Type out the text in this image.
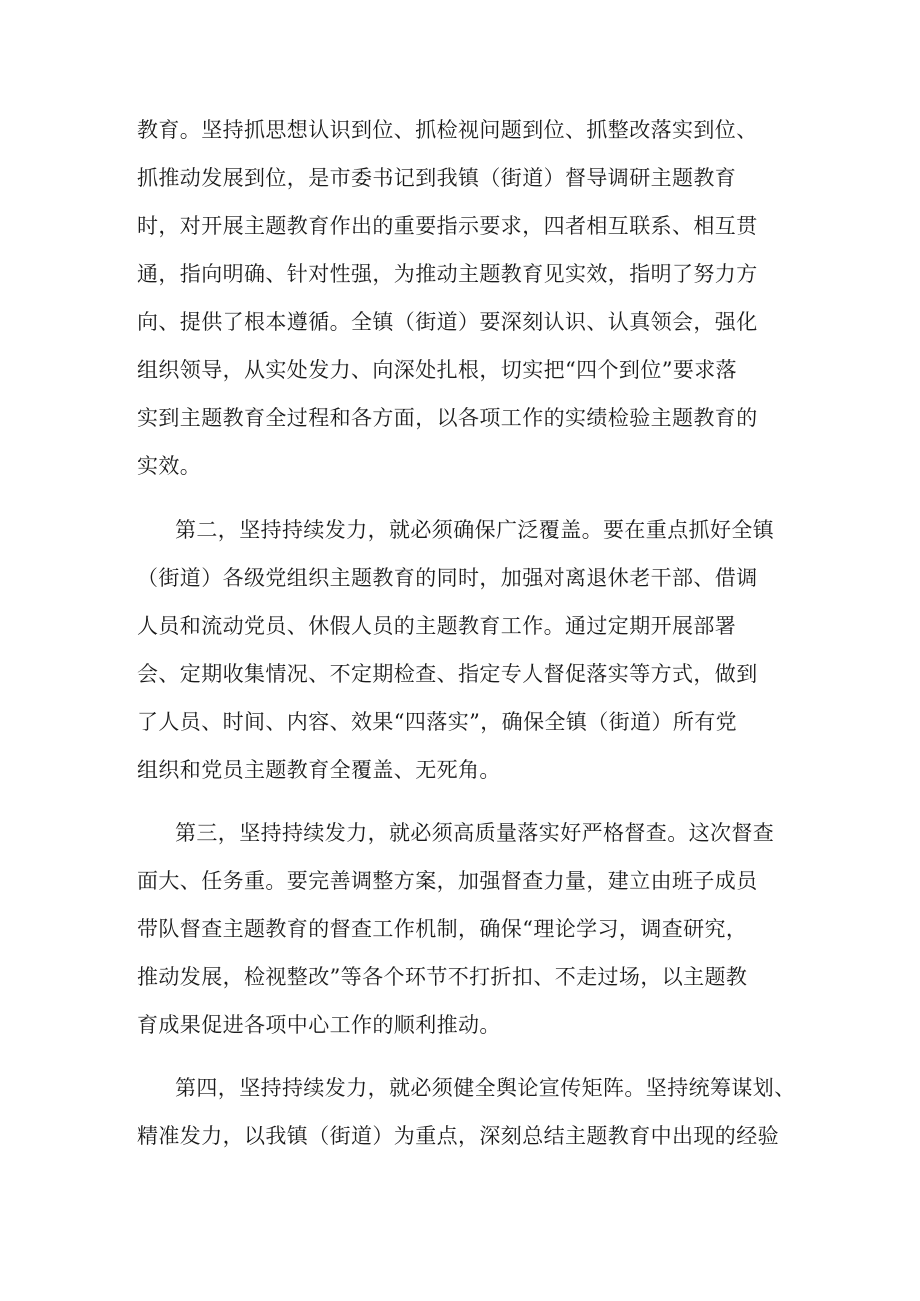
教育。坚持抓思想认识到位、抓检视问题到位、抓整改落实到位、
抓推动发展到位，是市委书记到我镇（街道）督导调研主题教育
时，对开展主题教育作出的重要指示要求，四者相互联系、相互贯
通，指向明确、针对性强，为推动主题教育见实效，指明了努力方
向、提供了根本遵循。全镇（街道）要深刻认识、认真领会，强化
组织领导，从实处发力、向深处扎根，切实把“四个到位”要求落
实到主题教育全过程和各方面，以各项工作的实绩检验主题教育的
实效。
第二，坚持持续发力，就必须确保广泛覆盖。要在重点抓好全镇
（街道）各级党组织主题教育的同时，加强对离退休老干部、借调
人员和流动党员、休假人员的主题教育工作。通过定期开展部署
会、定期收集情况、不定期检查、指定专人督促落实等方式，做到
了人员、时间、内容、效果“四落实”，确保全镇（街道）所有党
组织和党员主题教育全覆盖、无死角。
第三，坚持持续发力，就必须高质量落实好严格督查。这次督查
面大、任务重。要完善调整方案，加强督查力量，建立由班子成员
带队督查主题教育的督查工作机制，确保“理论学习，调查研究，
推动发展，检视整改”等各个环节不打折扣、不走过场，以主题教
育成果促进各项中心工作的顺利推动。
第四，坚持持续发力，就必须健全舆论宣传矩阵。坚持统筹谋划、
精准发力，以我镇（街道）为重点，深刻总结主题教育中出现的经验
